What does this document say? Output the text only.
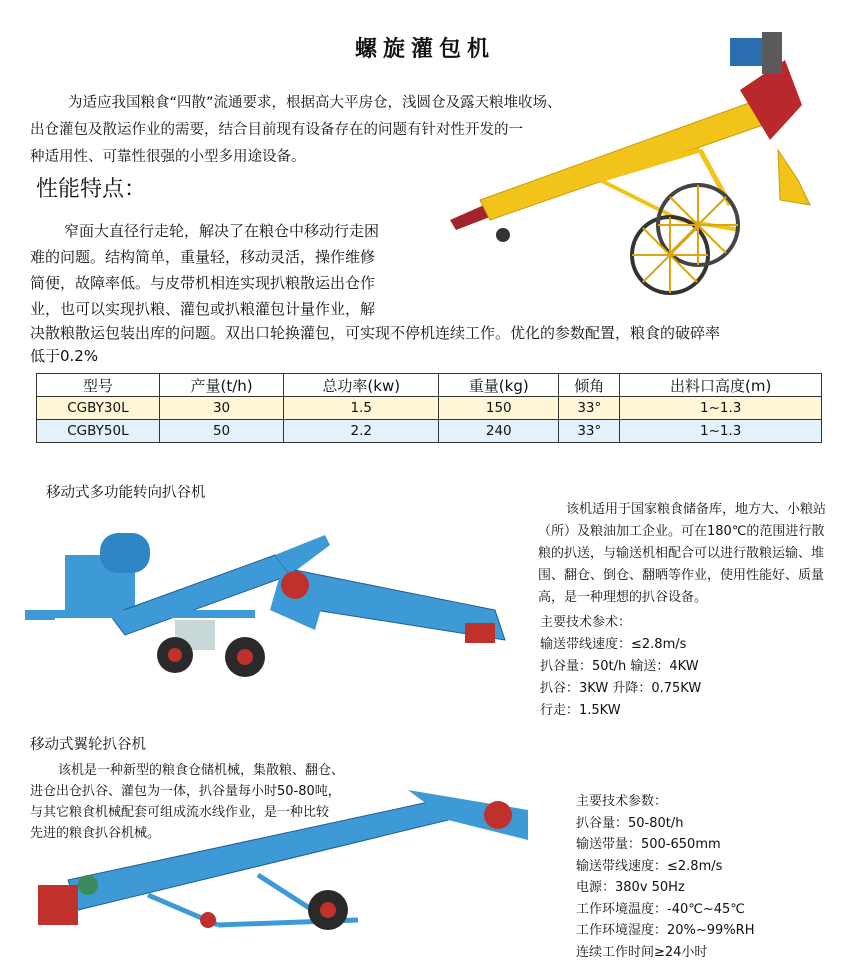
螺旋灌包机
为适应我国粮食“四散”流通要求，根据高大平房仓，浅圆仓及露天粮堆收场、
出仓灌包及散运作业的需要，结合目前现有设备存在的问题有针对性开发的一
种适用性、可靠性很强的小型多用途设备。
性能特点：
窄面大直径行走轮，解决了在粮仓中移动行走困
难的问题。结构简单，重量轻，移动灵活，操作维修
简便，故障率低。与皮带机相连实现扒粮散运出仓作
业，也可以实现扒粮、灌包或扒粮灌包计量作业，解
决散粮散运包装出库的问题。双出口轮换灌包，可实现不停机连续工作。优化的参数配置，粮食的破碎率
低于0.2%
型号	产量(t/h)	总功率(kw)	重量(kg)	倾角	出料口高度(m)
CGBY30L	30	1.5	150	33°	1~1.3
CGBY50L	50	2.2	240	33°	1~1.3
移动式多功能转向扒谷机
该机适用于国家粮食储备库，地方大、小粮站
（所）及粮油加工企业。可在180℃的范围进行散
粮的扒送，与输送机相配合可以进行散粮运输、堆
围、翻仓、倒仓、翻晒等作业，使用性能好、质量
高，是一种理想的扒谷设备。
主要技术参术：
输送带线速度：≤2.8m/s
扒谷量：50t/h 输送：4KW
扒谷：3KW 升降：0.75KW
行走：1.5KW
移动式翼轮扒谷机
该机是一种新型的粮食仓储机械，集散粮、翻仓、
进仓出仓扒谷、灌包为一体，扒谷量每小时50-80吨，
与其它粮食机械配套可组成流水线作业，是一种比较
先进的粮食扒谷机械。
主要技术参数：
扒谷量：50-80t/h
输送带量：500-650mm
输送带线速度：≤2.8m/s
电源：380v 50Hz
工作环境温度：-40℃~45℃
工作环境湿度：20%~99%RH
连续工作时间≥24小时
